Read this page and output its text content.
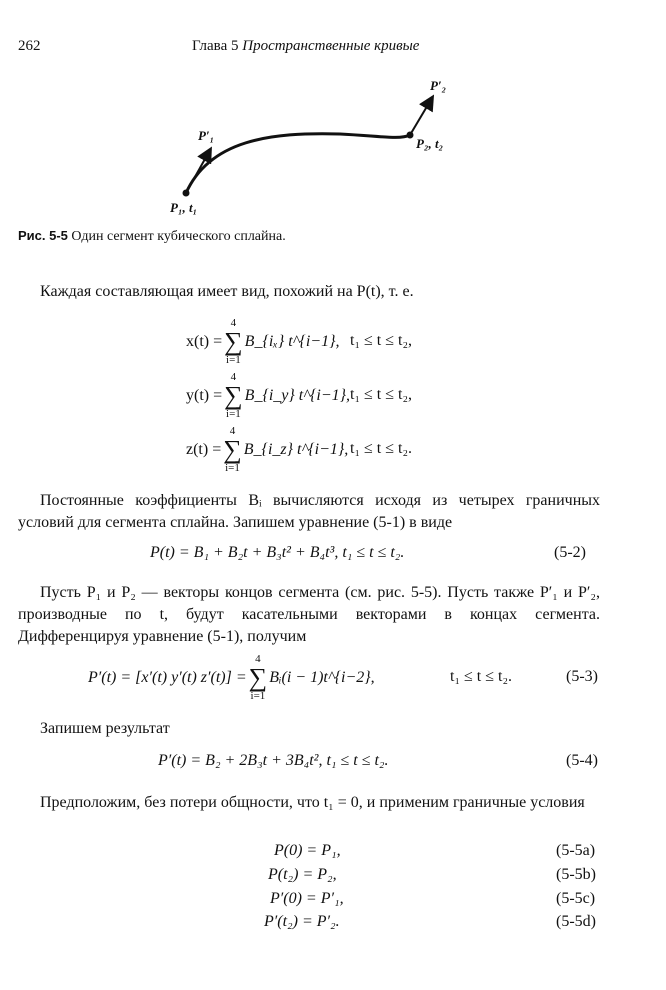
262	Глава 5 Пространственные кривые
P′₁
P′₂
P₁, t₁
P₂, t₂
Рис. 5-5 Один сегмент кубического сплайна.
Каждая составляющая имеет вид, похожий на P(t), т. е.
x(t) =
4
∑
i=1
B_{iₓ} t^{i−1}, t₁ ≤ t ≤ t₂,
y(t) =
4
∑
i=1
B_{i_y} t^{i−1}, t₁ ≤ t ≤ t₂,
z(t) =
4
∑
i=1
B_{i_z} t^{i−1}, t₁ ≤ t ≤ t₂.
Постоянные коэффициенты Bᵢ вычисляются исходя из четырех граничных условий для сегмента сплайна. Запишем уравнение (5-1) в виде
P(t) = B₁ + B₂t + B₃t² + B₄t³, t₁ ≤ t ≤ t₂.	(5-2)
Пусть P₁ и P₂ — векторы концов сегмента (см. рис. 5-5). Пусть также P′₁ и P′₂, производные по t, будут касательными векторами в концах сегмента. Дифференцируя уравнение (5-1), получим
P′(t) = [x′(t) y′(t) z′(t)] =
4
∑
i=1
Bᵢ(i − 1)t^{i−2},	t₁ ≤ t ≤ t₂.	(5-3)
Запишем результат
P′(t) = B₂ + 2B₃t + 3B₄t², t₁ ≤ t ≤ t₂.	(5-4)
Предположим, без потери общности, что t₁ = 0, и применим граничные условия
P(0) = P₁,	(5-5a)
P(t₂) = P₂,	(5-5b)
P′(0) = P′₁,	(5-5c)
P′(t₂) = P′₂.	(5-5d)
